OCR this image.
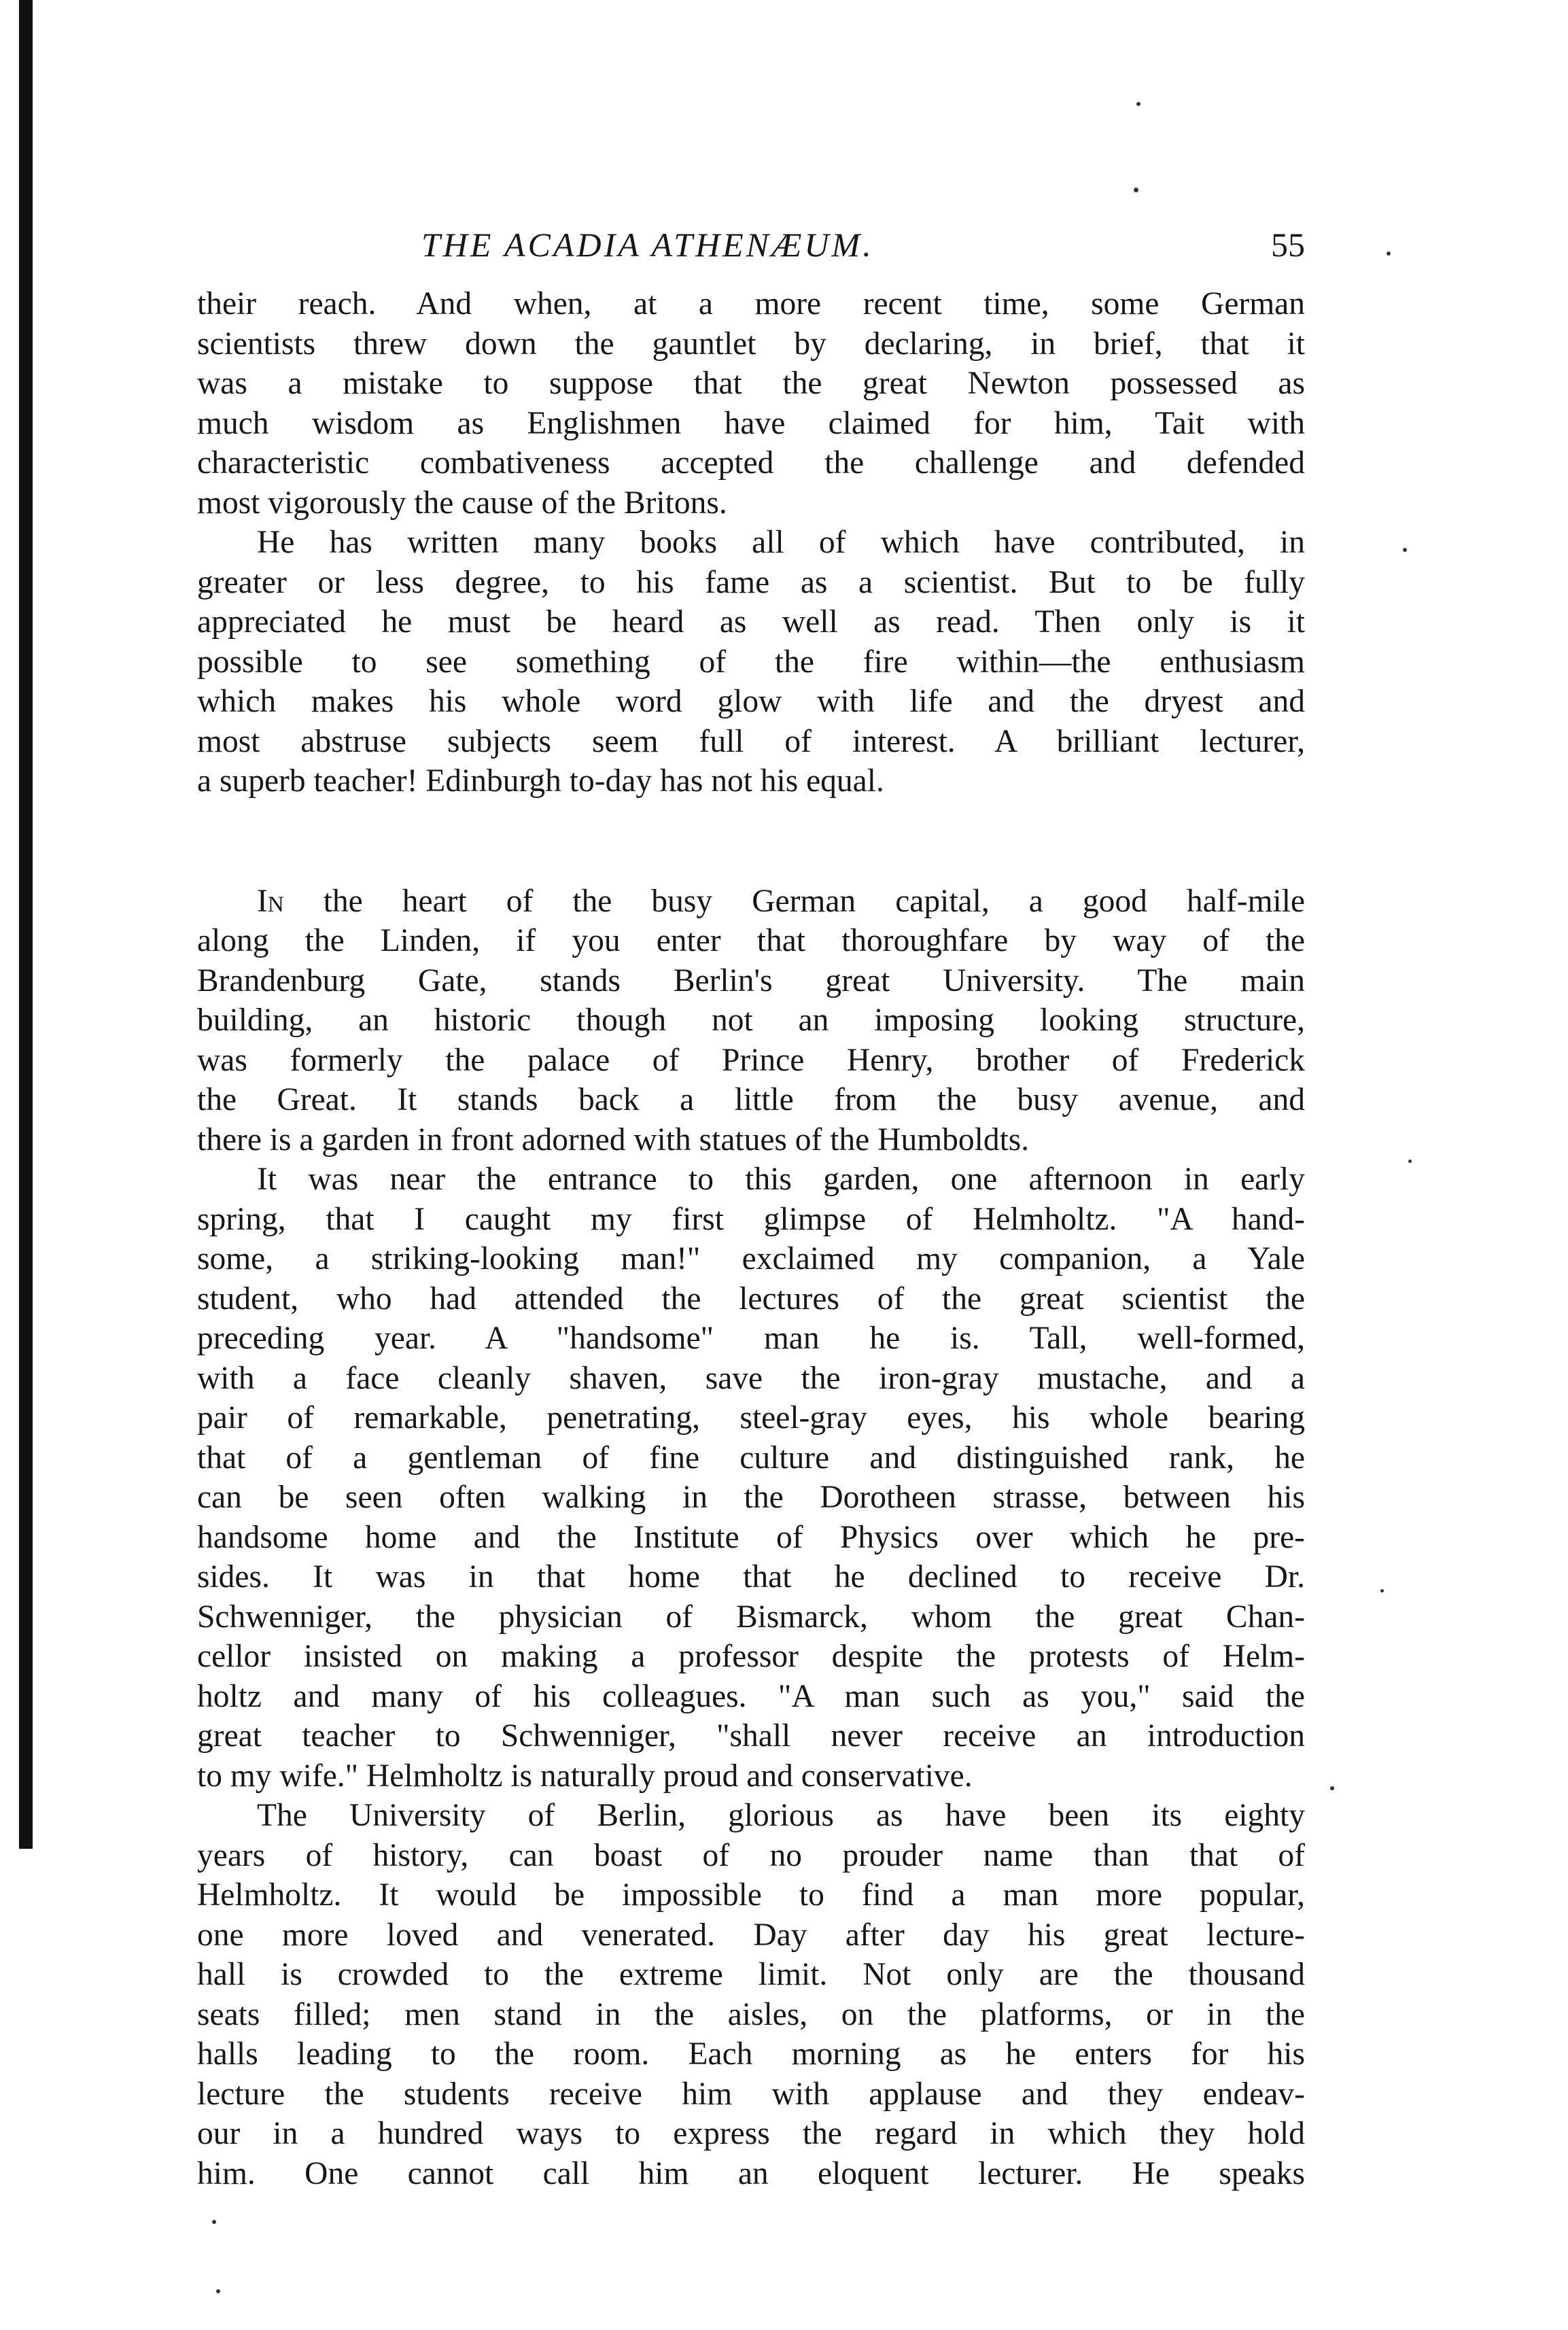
THE ACADIA ATHENÆUM.	55

their reach. And when, at a more recent time, some German
scientists threw down the gauntlet by declaring, in brief, that it
was a mistake to suppose that the great Newton possessed as
much wisdom as Englishmen have claimed for him, Tait with
characteristic combativeness accepted the challenge and defended
most vigorously the cause of the Britons.

He has written many books all of which have contributed, in
greater or less degree, to his fame as a scientist. But to be fully
appreciated he must be heard as well as read. Then only is it
possible to see something of the fire within—the enthusiasm
which makes his whole word glow with life and the dryest and
most abstruse subjects seem full of interest. A brilliant lecturer,
a superb teacher! Edinburgh to-day has not his equal.

In the heart of the busy German capital, a good half-mile
along the Linden, if you enter that thoroughfare by way of the
Brandenburg Gate, stands Berlin's great University. The main
building, an historic though not an imposing looking structure,
was formerly the palace of Prince Henry, brother of Frederick
the Great. It stands back a little from the busy avenue, and
there is a garden in front adorned with statues of the Humboldts.

It was near the entrance to this garden, one afternoon in early
spring, that I caught my first glimpse of Helmholtz. "A hand-
some, a striking-looking man!" exclaimed my companion, a Yale
student, who had attended the lectures of the great scientist the
preceding year. A "handsome" man he is. Tall, well-formed,
with a face cleanly shaven, save the iron-gray mustache, and a
pair of remarkable, penetrating, steel-gray eyes, his whole bearing
that of a gentleman of fine culture and distinguished rank, he
can be seen often walking in the Dorotheen strasse, between his
handsome home and the Institute of Physics over which he pre-
sides. It was in that home that he declined to receive Dr.
Schwenniger, the physician of Bismarck, whom the great Chan-
cellor insisted on making a professor despite the protests of Helm-
holtz and many of his colleagues. "A man such as you," said the
great teacher to Schwenniger, "shall never receive an introduction
to my wife." Helmholtz is naturally proud and conservative.

The University of Berlin, glorious as have been its eighty
years of history, can boast of no prouder name than that of
Helmholtz. It would be impossible to find a man more popular,
one more loved and venerated. Day after day his great lecture-
hall is crowded to the extreme limit. Not only are the thousand
seats filled; men stand in the aisles, on the platforms, or in the
halls leading to the room. Each morning as he enters for his
lecture the students receive him with applause and they endeav-
our in a hundred ways to express the regard in which they hold
him. One cannot call him an eloquent lecturer. He speaks
